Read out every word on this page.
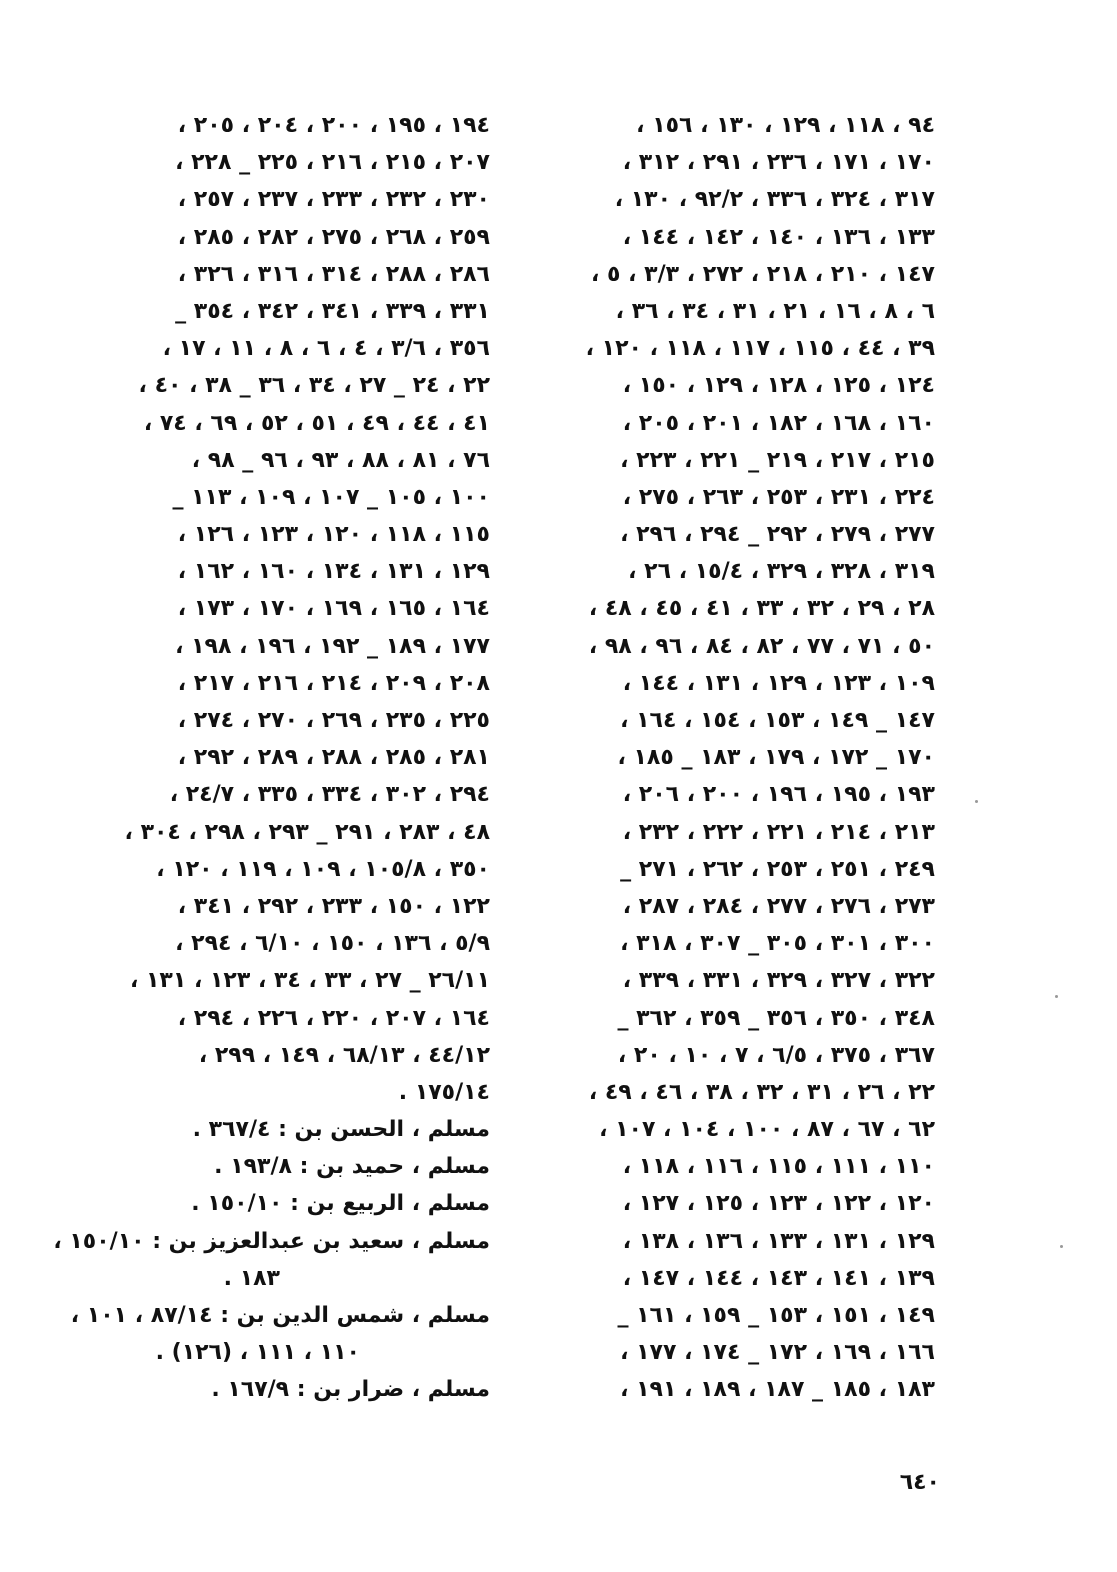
٩٤ ، ١١٨ ، ١٢٩ ، ١٣٠ ، ١٥٦ ،
١٧٠ ، ١٧١ ، ٢٣٦ ، ٢٩١ ، ٣١٢ ،
٣١٧ ، ٣٢٤ ، ٣٣٦ ، ٩٢/٢ ، ١٣٠ ،
١٣٣ ، ١٣٦ ، ١٤٠ ، ١٤٢ ، ١٤٤ ،
١٤٧ ، ٢١٠ ، ٢١٨ ، ٢٧٢ ، ٣/٣ ، ٥ ،
٦ ، ٨ ، ١٦ ، ٢١ ، ٣١ ، ٣٤ ، ٣٦ ،
٣٩ ، ٤٤ ، ١١٥ ، ١١٧ ، ١١٨ ، ١٢٠ ،
١٢٤ ، ١٢٥ ، ١٢٨ ، ١٢٩ ، ١٥٠ ،
١٦٠ ، ١٦٨ ، ١٨٢ ، ٢٠١ ، ٢٠٥ ،
٢١٥ ، ٢١٧ ، ٢١٩ _ ٢٢١ ، ٢٢٣ ،
٢٢٤ ، ٢٣١ ، ٢٥٣ ، ٢٦٣ ، ٢٧٥ ،
٢٧٧ ، ٢٧٩ ، ٢٩٢ _ ٢٩٤ ، ٢٩٦ ،
٣١٩ ، ٣٢٨ ، ٣٢٩ ، ١٥/٤ ، ٢٦ ،
٢٨ ، ٢٩ ، ٣٢ ، ٣٣ ، ٤١ ، ٤٥ ، ٤٨ ،
٥٠ ، ٧١ ، ٧٧ ، ٨٢ ، ٨٤ ، ٩٦ ، ٩٨ ،
١٠٩ ، ١٢٣ ، ١٢٩ ، ١٣١ ، ١٤٤ ،
١٤٧ _ ١٤٩ ، ١٥٣ ، ١٥٤ ، ١٦٤ ،
١٧٠ _ ١٧٢ ، ١٧٩ ، ١٨٣ _ ١٨٥ ،
١٩٣ ، ١٩٥ ، ١٩٦ ، ٢٠٠ ، ٢٠٦ ،
٢١٣ ، ٢١٤ ، ٢٢١ ، ٢٢٢ ، ٢٣٢ ،
٢٤٩ ، ٢٥١ ، ٢٥٣ ، ٢٦٢ ، ٢٧١ _
٢٧٣ ، ٢٧٦ ، ٢٧٧ ، ٢٨٤ ، ٢٨٧ ،
٣٠٠ ، ٣٠١ ، ٣٠٥ _ ٣٠٧ ، ٣١٨ ،
٣٢٢ ، ٣٢٧ ، ٣٢٩ ، ٣٣١ ، ٣٣٩ ،
٣٤٨ ، ٣٥٠ ، ٣٥٦ _ ٣٥٩ ، ٣٦٢ _
٣٦٧ ، ٣٧٥ ، ٦/٥ ، ٧ ، ١٠ ، ٢٠ ،
٢٢ ، ٢٦ ، ٣١ ، ٣٢ ، ٣٨ ، ٤٦ ، ٤٩ ،
٦٢ ، ٦٧ ، ٨٧ ، ١٠٠ ، ١٠٤ ، ١٠٧ ،
١١٠ ، ١١١ ، ١١٥ ، ١١٦ ، ١١٨ ،
١٢٠ ، ١٢٢ ، ١٢٣ ، ١٢٥ ، ١٢٧ ،
١٢٩ ، ١٣١ ، ١٣٣ ، ١٣٦ ، ١٣٨ ،
١٣٩ ، ١٤١ ، ١٤٣ ، ١٤٤ ، ١٤٧ ،
١٤٩ ، ١٥١ ، ١٥٣ _ ١٥٩ ، ١٦١ _
١٦٦ ، ١٦٩ ، ١٧٢ _ ١٧٤ ، ١٧٧ ،
١٨٣ ، ١٨٥ _ ١٨٧ ، ١٨٩ ، ١٩١ ،
١٩٤ ، ١٩٥ ، ٢٠٠ ، ٢٠٤ ، ٢٠٥ ،
٢٠٧ ، ٢١٥ ، ٢١٦ ، ٢٢٥ _ ٢٢٨ ،
٢٣٠ ، ٢٣٢ ، ٢٣٣ ، ٢٣٧ ، ٢٥٧ ،
٢٥٩ ، ٢٦٨ ، ٢٧٥ ، ٢٨٢ ، ٢٨٥ ،
٢٨٦ ، ٢٨٨ ، ٣١٤ ، ٣١٦ ، ٣٢٦ ،
٣٣١ ، ٣٣٩ ، ٣٤١ ، ٣٤٢ ، ٣٥٤ _
٣٥٦ ، ٣/٦ ، ٤ ، ٦ ، ٨ ، ١١ ، ١٧ ،
٢٢ ، ٢٤ _ ٢٧ ، ٣٤ ، ٣٦ _ ٣٨ ، ٤٠ ،
٤١ ، ٤٤ ، ٤٩ ، ٥١ ، ٥٢ ، ٦٩ ، ٧٤ ،
٧٦ ، ٨١ ، ٨٨ ، ٩٣ ، ٩٦ _ ٩٨ ،
١٠٠ ، ١٠٥ _ ١٠٧ ، ١٠٩ ، ١١٣ _
١١٥ ، ١١٨ ، ١٢٠ ، ١٢٣ ، ١٢٦ ،
١٢٩ ، ١٣١ ، ١٣٤ ، ١٦٠ ، ١٦٢ ،
١٦٤ ، ١٦٥ ، ١٦٩ ، ١٧٠ ، ١٧٣ ،
١٧٧ ، ١٨٩ _ ١٩٢ ، ١٩٦ ، ١٩٨ ،
٢٠٨ ، ٢٠٩ ، ٢١٤ ، ٢١٦ ، ٢١٧ ،
٢٢٥ ، ٢٣٥ ، ٢٦٩ ، ٢٧٠ ، ٢٧٤ ،
٢٨١ ، ٢٨٥ ، ٢٨٨ ، ٢٨٩ ، ٢٩٢ ،
٢٩٤ ، ٣٠٢ ، ٣٣٤ ، ٣٣٥ ، ٢٤/٧ ،
٤٨ ، ٢٨٣ ، ٢٩١ _ ٢٩٣ ، ٢٩٨ ، ٣٠٤ ،
٣٥٠ ، ١٠٥/٨ ، ١٠٩ ، ١١٩ ، ١٢٠ ،
١٢٢ ، ١٥٠ ، ٢٣٣ ، ٢٩٢ ، ٣٤١ ،
٥/٩ ، ١٣٦ ، ١٥٠ ، ٦/١٠ ، ٢٩٤ ،
٢٦/١١ _ ٢٧ ، ٣٣ ، ٣٤ ، ١٢٣ ، ١٣١ ،
١٦٤ ، ٢٠٧ ، ٢٢٠ ، ٢٢٦ ، ٢٩٤ ،
٤٤/١٢ ، ٦٨/١٣ ، ١٤٩ ، ٢٩٩ ،
١٧٥/١٤ .
مسلم ، الحسن بن : ٣٦٧/٤ .
مسلم ، حميد بن : ١٩٣/٨ .
مسلم ، الربيع بن : ١٥٠/١٠ .
مسلم ، سعيد بن عبدالعزيز بن : ١٥٠/١٠ ،
١٨٣ .
مسلم ، شمس الدين بن : ٨٧/١٤ ، ١٠١ ،
١١٠ ، ١١١ ، (١٢٦) .
مسلم ، ضرار بن : ١٦٧/٩ .
٦٤٠
